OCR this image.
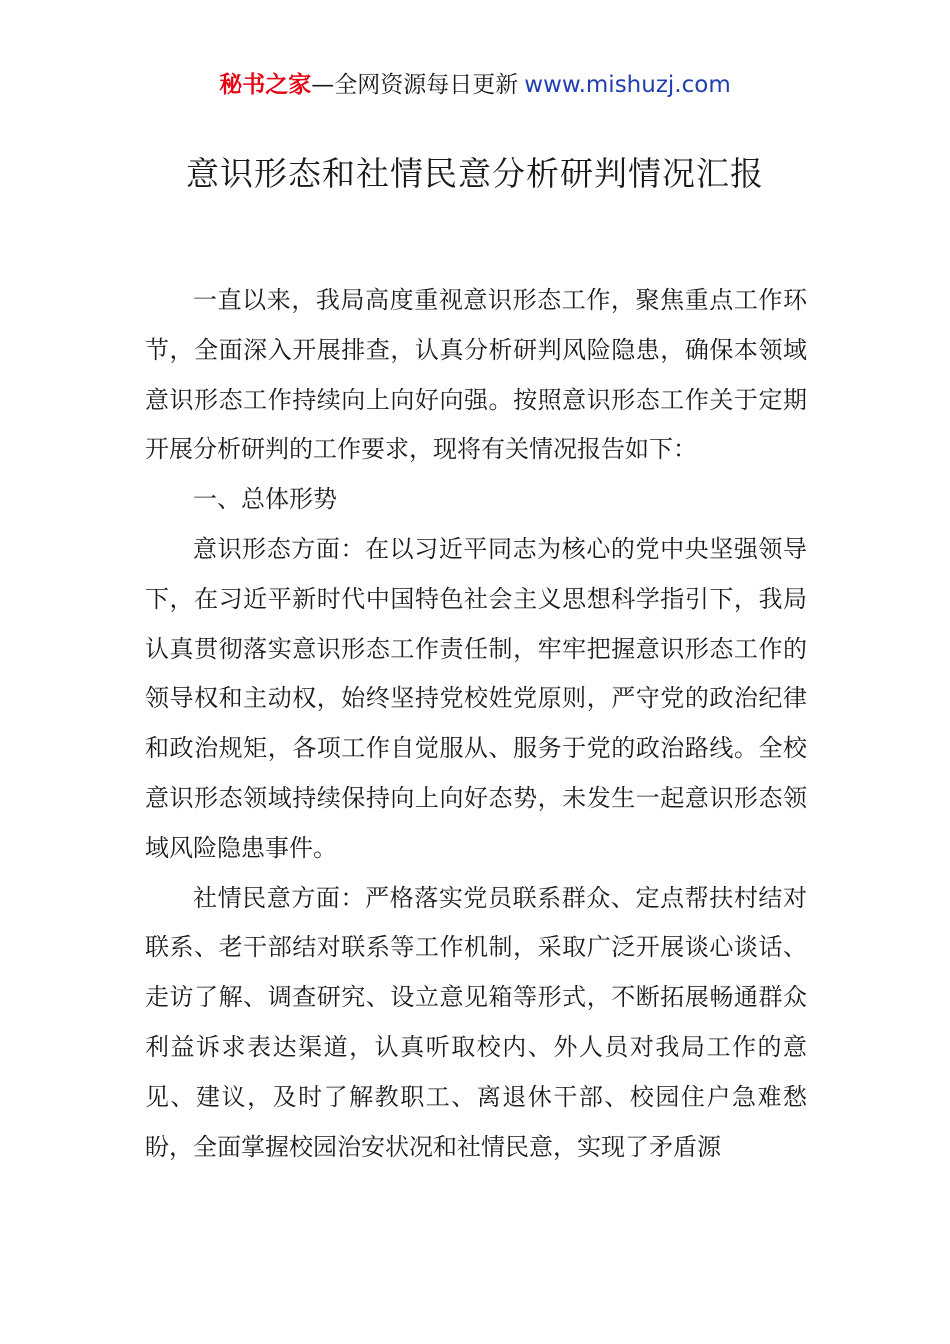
秘书之家—全网资源每日更新 www.mishuzj.com
意识形态和社情民意分析研判情况汇报

一直以来，我局高度重视意识形态工作，聚焦重点工作环节，全面深入开展排查，认真分析研判风险隐患，确保本领域意识形态工作持续向上向好向强。按照意识形态工作关于定期开展分析研判的工作要求，现将有关情况报告如下：

一、总体形势

意识形态方面：在以习近平同志为核心的党中央坚强领导下，在习近平新时代中国特色社会主义思想科学指引下，我局认真贯彻落实意识形态工作责任制，牢牢把握意识形态工作的领导权和主动权，始终坚持党校姓党原则，严守党的政治纪律和政治规矩，各项工作自觉服从、服务于党的政治路线。全校意识形态领域持续保持向上向好态势，未发生一起意识形态领域风险隐患事件。

社情民意方面：严格落实党员联系群众、定点帮扶村结对联系、老干部结对联系等工作机制，采取广泛开展谈心谈话、走访了解、调查研究、设立意见箱等形式，不断拓展畅通群众利益诉求表达渠道，认真听取校内、外人员对我局工作的意见、建议，及时了解教职工、离退休干部、校园住户急难愁盼，全面掌握校园治安状况和社情民意，实现了矛盾源
